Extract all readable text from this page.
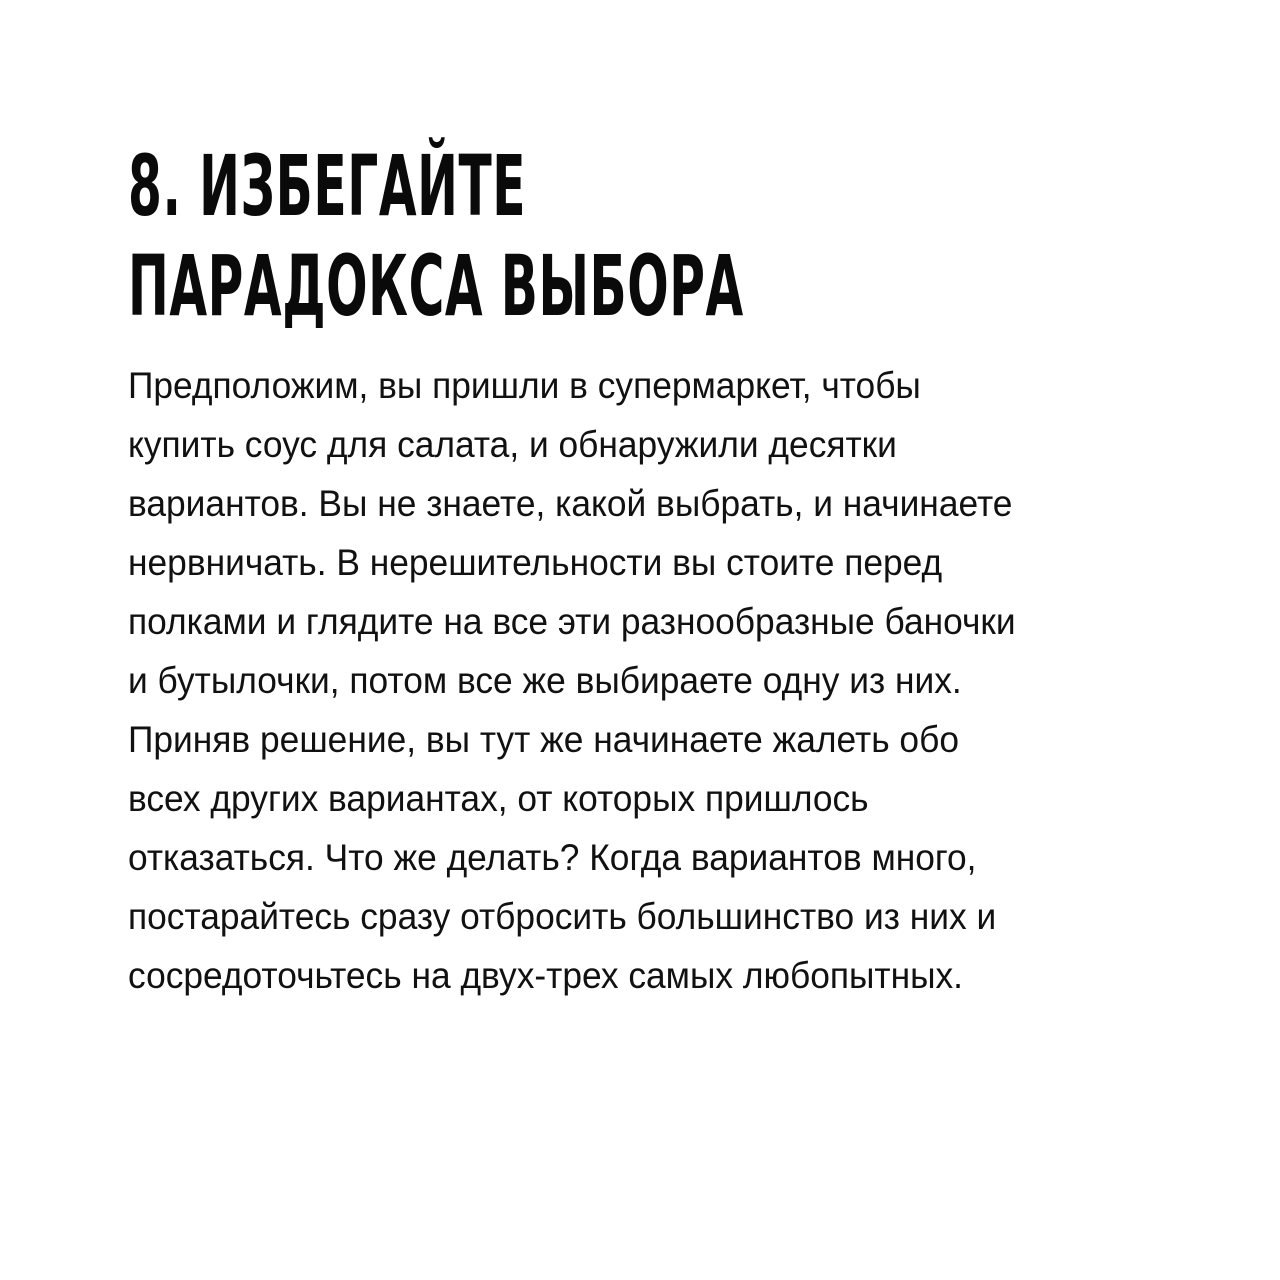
8. ИЗБЕГАЙТЕ
ПАРАДОКСА ВЫБОРА

Предположим, вы пришли в супермаркет, чтобы
купить соус для салата, и обнаружили десятки
вариантов. Вы не знаете, какой выбрать, и начинаете
нервничать. В нерешительности вы стоите перед
полками и глядите на все эти разнообразные баночки
и бутылочки, потом все же выбираете одну из них.
Приняв решение, вы тут же начинаете жалеть обо
всех других вариантах, от которых пришлось
отказаться. Что же делать? Когда вариантов много,
постарайтесь сразу отбросить большинство из них и
сосредоточьтесь на двух-трех самых любопытных.
